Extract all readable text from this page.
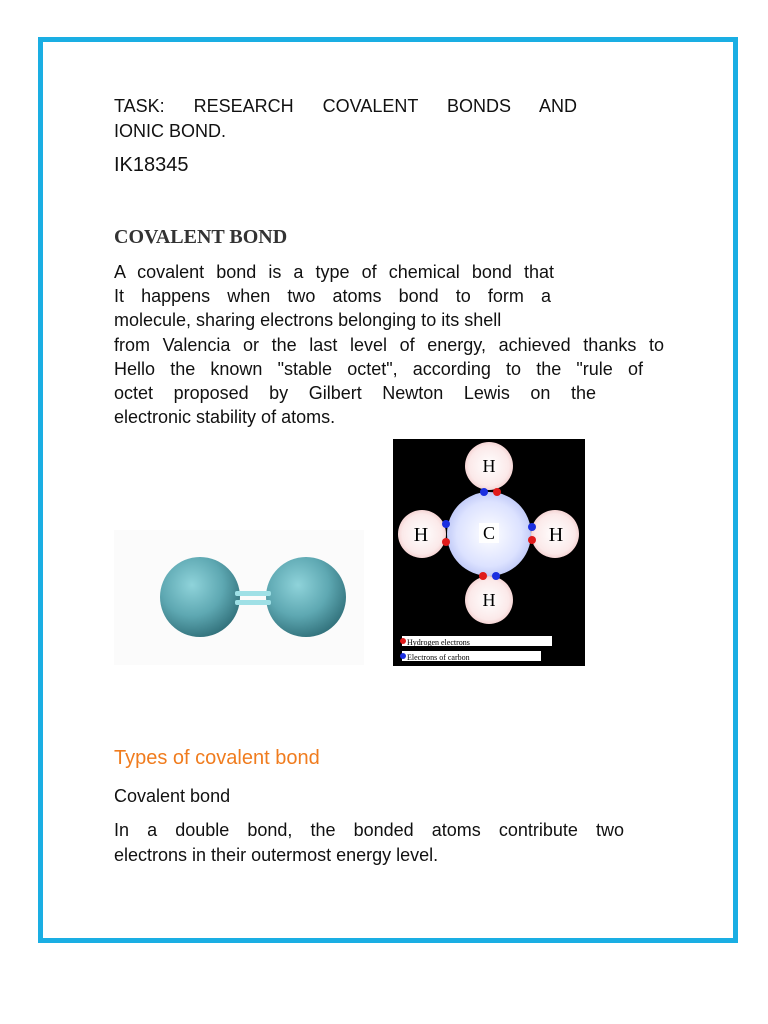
TASK: RESEARCH COVALENT BONDS AND
IONIC BOND.
IK18345
COVALENT BOND
A covalent bond is a type of chemical bond that
It happens when two atoms bond to form a
molecule, sharing electrons belonging to its shell
from Valencia or the last level of energy, achieved thanks to
Hello the known "stable octet", according to the "rule of
octet proposed by Gilbert Newton Lewis on the
electronic stability of atoms.
C
H
H	H
H
Hydrogen electrons
Electrons of carbon
Types of covalent bond
Covalent bond
In a double bond, the bonded atoms contribute two
electrons in their outermost energy level.
